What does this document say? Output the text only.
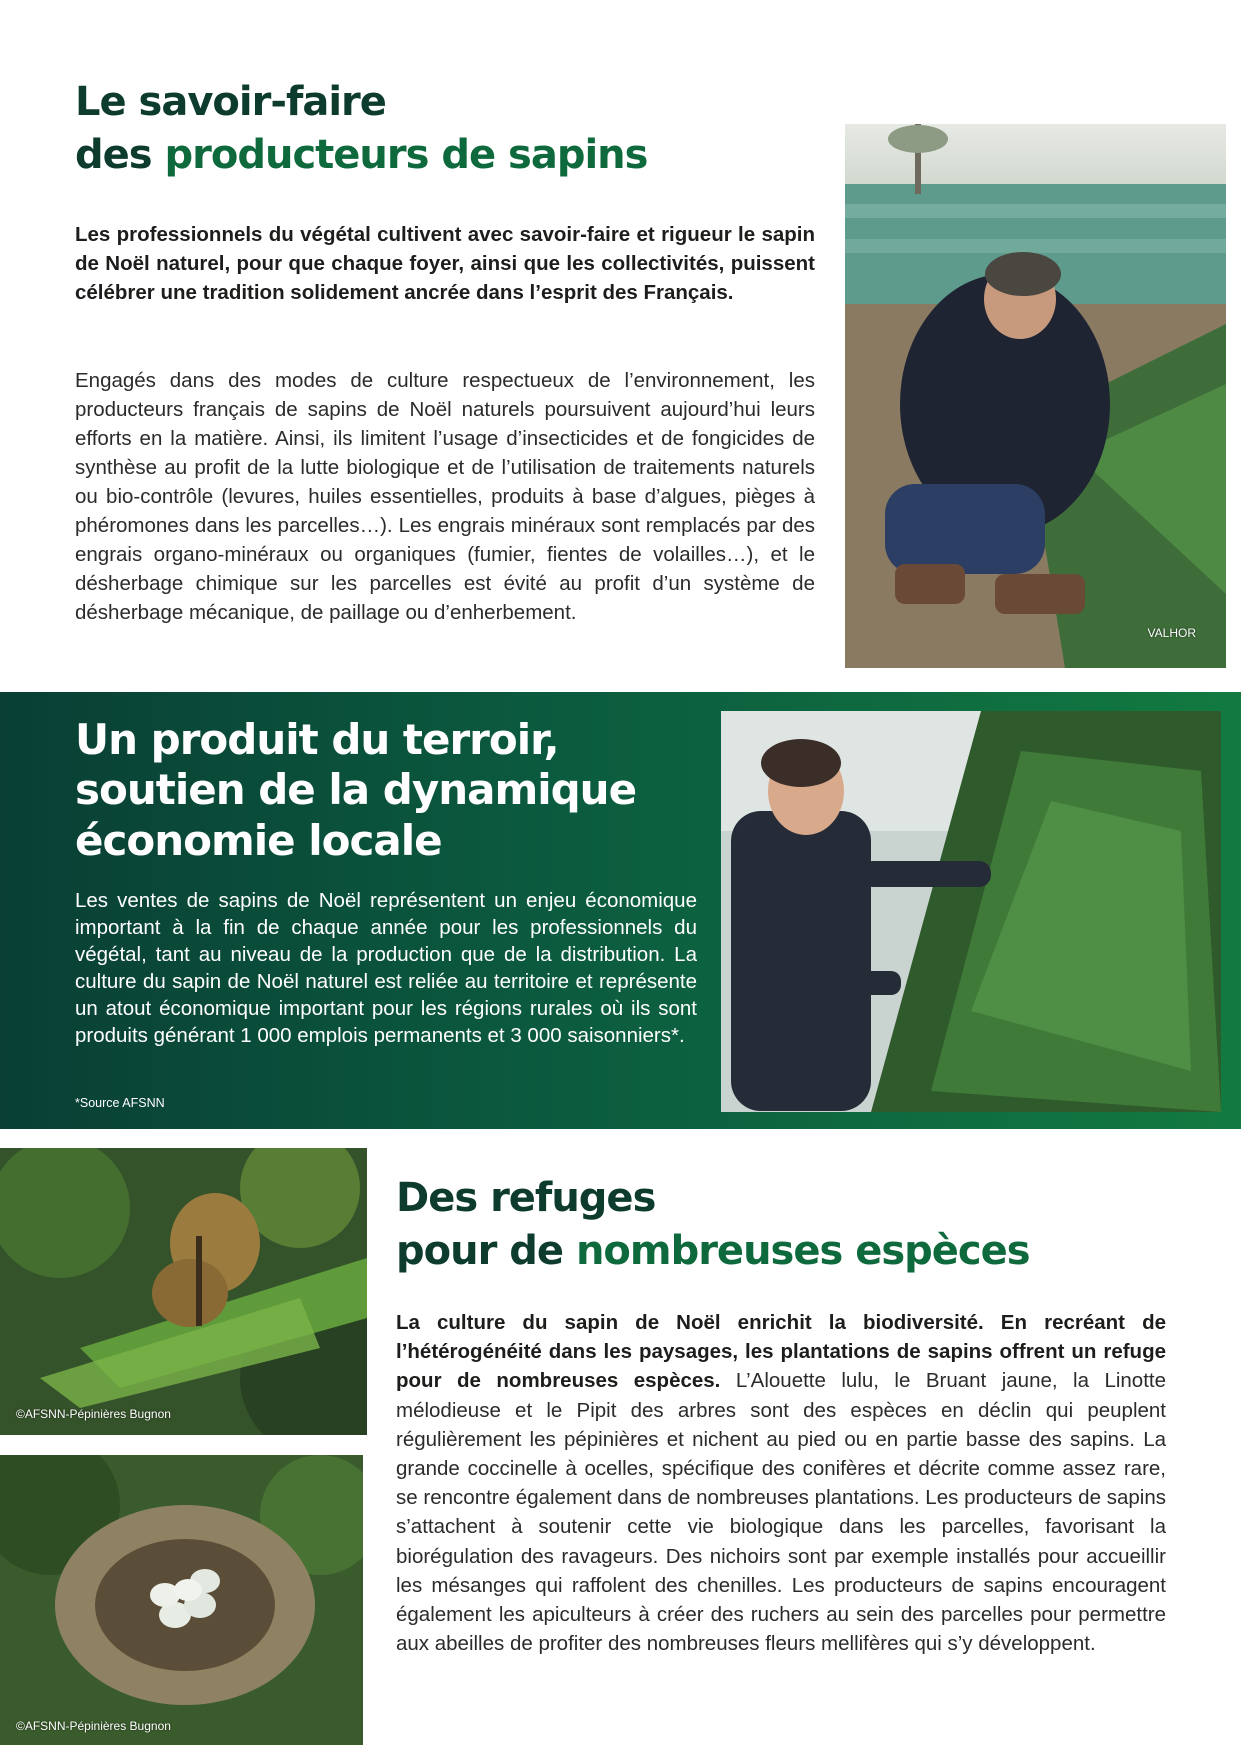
Le savoir-faire
des producteurs de sapins

Les professionnels du végétal cultivent avec savoir-faire et rigueur le sapin de Noël naturel, pour que chaque foyer, ainsi que les collectivités, puissent célébrer une tradition solidement ancrée dans l’esprit des Français.

Engagés dans des modes de culture respectueux de l’environnement, les producteurs français de sapins de Noël naturels poursuivent aujourd’hui leurs efforts en la matière. Ainsi, ils limitent l’usage d’insecticides et de fongicides de synthèse au profit de la lutte biologique et de l’utilisation de traitements naturels ou bio-contrôle (levures, huiles essentielles, produits à base d’algues, pièges à phéromones dans les parcelles…). Les engrais minéraux sont remplacés par des engrais organo-minéraux ou organiques (fumier, fientes de volailles…), et le désherbage chimique sur les parcelles est évité au profit d’un système de désherbage mécanique, de paillage ou d’enherbement.

VALHOR
Un produit du terroir,
soutien de la dynamique
économie locale

Les ventes de sapins de Noël représentent un enjeu économique important à la fin de chaque année pour les professionnels du végétal, tant au niveau de la production que de la distribution. La culture du sapin de Noël naturel est reliée au territoire et représente un atout économique important pour les régions rurales où ils sont produits générant 1 000 emplois permanents et 3 000 saisonniers*.

*Source AFSNN
©AFSNN-Pépinières Bugnon
©AFSNN-Pépinières Bugnon
Des refuges
pour de nombreuses espèces

La culture du sapin de Noël enrichit la biodiversité. En recréant de l’hétérogénéité dans les paysages, les plantations de sapins offrent un refuge pour de nombreuses espèces. L’Alouette lulu, le Bruant jaune, la Linotte mélodieuse et le Pipit des arbres sont des espèces en déclin qui peuplent régulièrement les pépinières et nichent au pied ou en partie basse des sapins. La grande coccinelle à ocelles, spécifique des conifères et décrite comme assez rare, se rencontre également dans de nombreuses plantations. Les producteurs de sapins s’attachent à soutenir cette vie biologique dans les parcelles, favorisant la biorégulation des ravageurs. Des nichoirs sont par exemple installés pour accueillir les mésanges qui raffolent des chenilles. Les producteurs de sapins encouragent également les apiculteurs à créer des ruchers au sein des parcelles pour permettre aux abeilles de profiter des nombreuses fleurs mellifères qui s’y développent.
